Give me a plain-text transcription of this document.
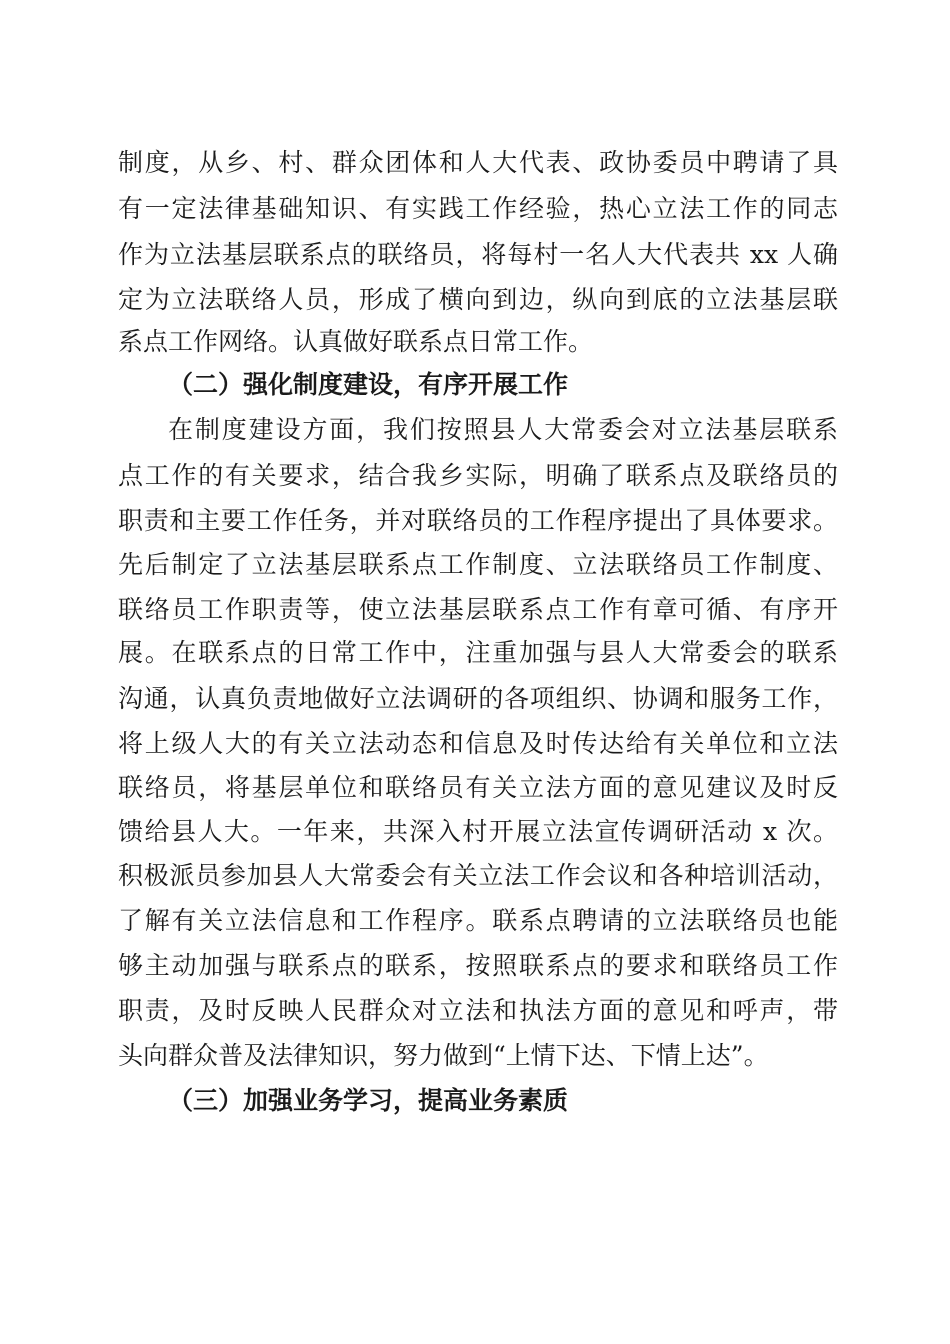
制度，从乡、村、群众团体和人大代表、政协委员中聘请了具
有一定法律基础知识、有实践工作经验，热心立法工作的同志
作为立法基层联系点的联络员，将每村一名人大代表共 xx 人确
定为立法联络人员，形成了横向到边，纵向到底的立法基层联
系点工作网络。认真做好联系点日常工作。
（二）强化制度建设，有序开展工作
在制度建设方面，我们按照县人大常委会对立法基层联系
点工作的有关要求，结合我乡实际，明确了联系点及联络员的
职责和主要工作任务，并对联络员的工作程序提出了具体要求。
先后制定了立法基层联系点工作制度、立法联络员工作制度、
联络员工作职责等，使立法基层联系点工作有章可循、有序开
展。在联系点的日常工作中，注重加强与县人大常委会的联系
沟通，认真负责地做好立法调研的各项组织、协调和服务工作，
将上级人大的有关立法动态和信息及时传达给有关单位和立法
联络员，将基层单位和联络员有关立法方面的意见建议及时反
馈给县人大。一年来，共深入村开展立法宣传调研活动 x 次。
积极派员参加县人大常委会有关立法工作会议和各种培训活动，
了解有关立法信息和工作程序。联系点聘请的立法联络员也能
够主动加强与联系点的联系，按照联系点的要求和联络员工作
职责，及时反映人民群众对立法和执法方面的意见和呼声，带
头向群众普及法律知识，努力做到“上情下达、下情上达”。
（三）加强业务学习，提高业务素质
